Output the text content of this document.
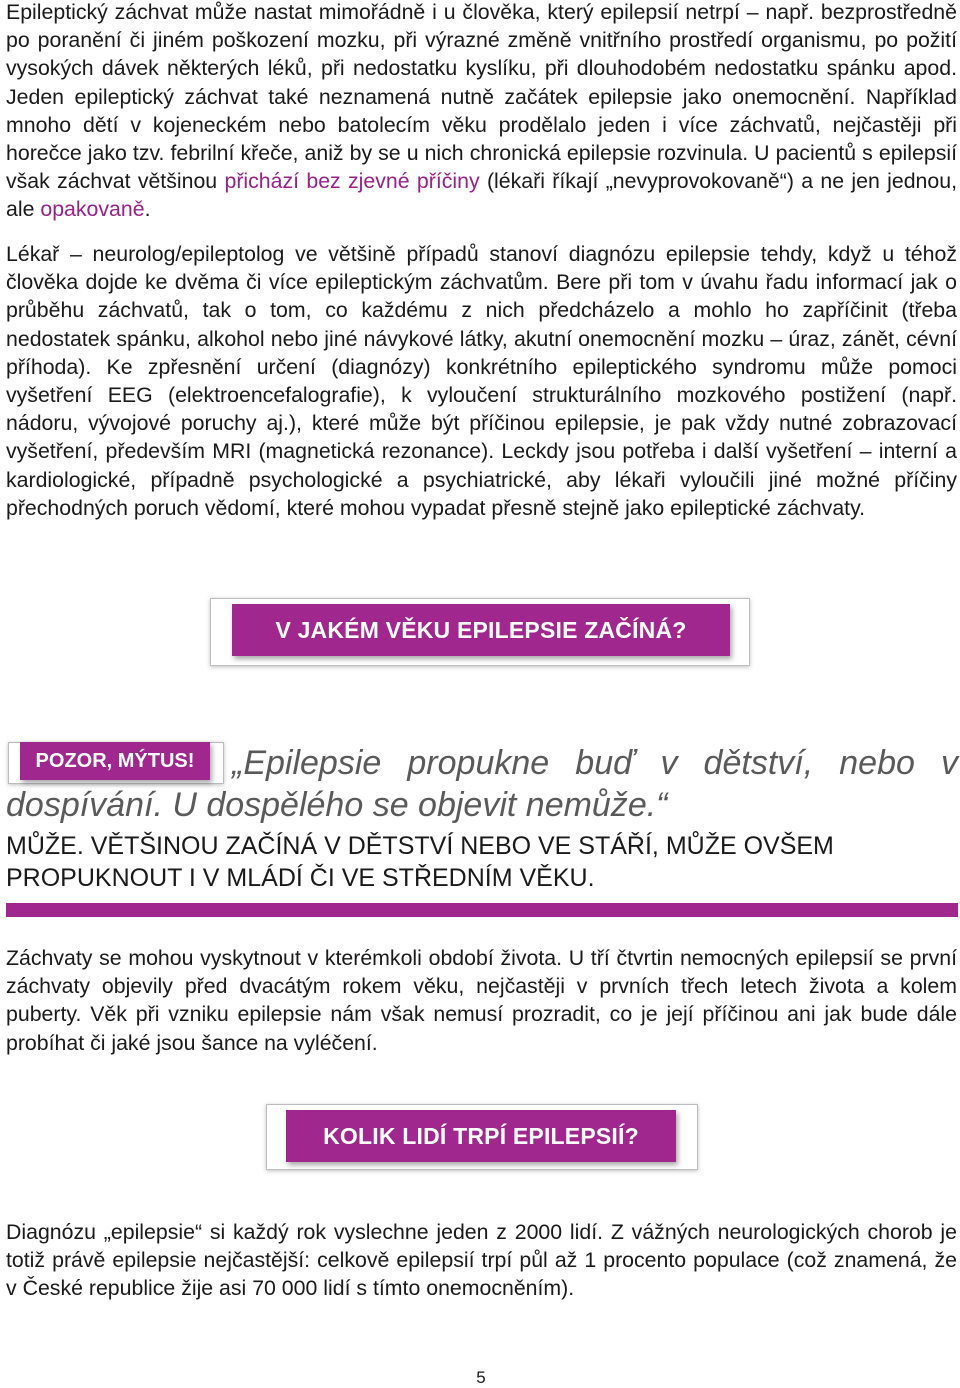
Epileptický záchvat může nastat mimořádně i u člověka, který epilepsií netrpí – např. bezprostředně po poranění či jiném poškození mozku, při výrazné změně vnitřního prostředí organismu, po požití vysokých dávek některých léků, při nedostatku kyslíku, při dlouhodobém nedostatku spánku apod. Jeden epileptický záchvat také neznamená nutně začátek epilepsie jako onemocnění. Například mnoho dětí v kojeneckém nebo batolecím věku prodělalo jeden i více záchvatů, nejčastěji při horečce jako tzv. febrilní křeče, aniž by se u nich chronická epilepsie rozvinula. U pacientů s epilepsií však záchvat většinou přichází bez zjevné příčiny (lékaři říkají „nevyprovokovaně“) a ne jen jednou, ale opakovaně.

Lékař – neurolog/epileptolog ve většině případů stanoví diagnózu epilepsie tehdy, když u téhož člověka dojde ke dvěma či více epileptickým záchvatům. Bere při tom v úvahu řadu informací jak o průběhu záchvatů, tak o tom, co každému z nich předcházelo a mohlo ho zapříčinit (třeba nedostatek spánku, alkohol nebo jiné návykové látky, akutní onemocnění mozku – úraz, zánět, cévní příhoda). Ke zpřesnění určení (diagnózy) konkrétního epileptického syndromu může pomoci vyšetření EEG (elektroencefalografie), k vyloučení strukturálního mozkového postižení (např. nádoru, vývojové poruchy aj.), které může být příčinou epilepsie, je pak vždy nutné zobrazovací vyšetření, především MRI (magnetická rezonance). Leckdy jsou potřeba i další vyšetření – interní a kardiologické, případně psychologické a psychiatrické, aby lékaři vyloučili jiné možné příčiny přechodných poruch vědomí, které mohou vypadat přesně stejně jako epileptické záchvaty.

V JAKÉM VĚKU EPILEPSIE ZAČÍNÁ?

„Epilepsie propukne buď v dětství, nebo v dospívání. U dospělého se objevit nemůže.“

POZOR, MÝTUS!

MŮŽE. VĚTŠINOU ZAČÍNÁ V DĚTSTVÍ NEBO VE STÁŘÍ, MŮŽE OVŠEM PROPUKNOUT I V MLÁDÍ ČI VE STŘEDNÍM VĚKU.

Záchvaty se mohou vyskytnout v kterémkoli období života. U tří čtvrtin nemocných epilepsií se první záchvaty objevily před dvacátým rokem věku, nejčastěji v prvních třech letech života a kolem puberty. Věk při vzniku epilepsie nám však nemusí prozradit, co je její příčinou ani jak bude dále probíhat či jaké jsou šance na vyléčení.

KOLIK LIDÍ TRPÍ EPILEPSIÍ?

Diagnózu „epilepsie“ si každý rok vyslechne jeden z 2000 lidí. Z vážných neurologických chorob je totiž právě epilepsie nejčastější: celkově epilepsií trpí půl až 1 procento populace (což znamená, že v České republice žije asi 70 000 lidí s tímto onemocněním).

5
